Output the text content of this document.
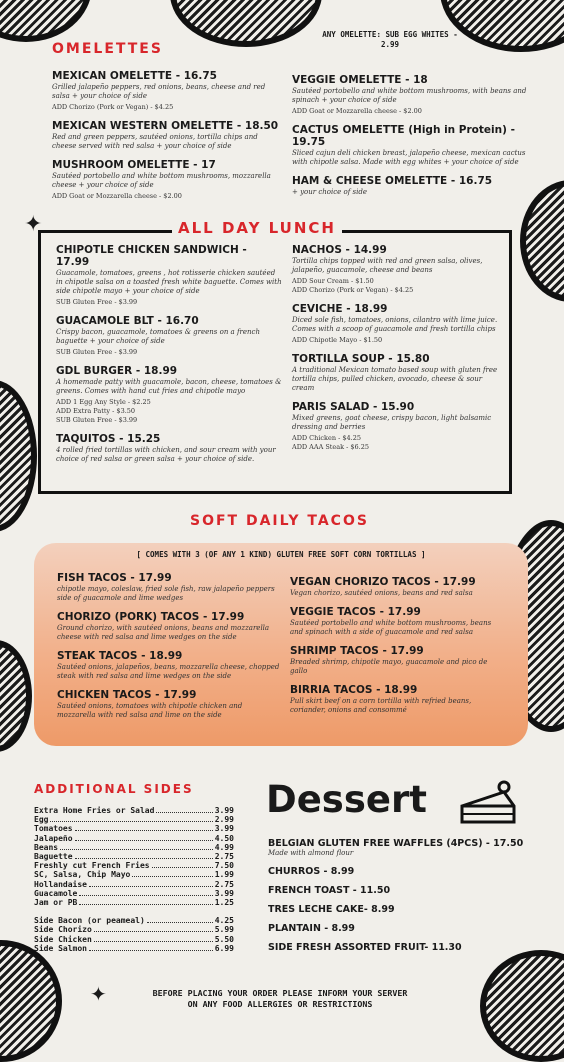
OMELETTES
ANY OMELETTE: SUB EGG WHITES - 2.99

MEXICAN OMELETTE - 16.75

Grilled jalapeño peppers, red onions, beans, cheese and red salsa + your choice of side

ADD Chorizo (Pork or Vegan) - $4.25

MEXICAN WESTERN OMELETTE - 18.50

Red and green peppers, sautéed onions, tortilla chips and cheese served with red salsa + your choice of side

MUSHROOM OMELETTE - 17

Sautéed portobello and white bottom mushrooms, mozzarella cheese + your choice of side

ADD Goat or Mozzarella cheese - $2.00

VEGGIE OMELETTE - 18

Sautéed portobello and white bottom mushrooms, with beans and spinach + your choice of side

ADD Goat or Mozzarella cheese - $2.00

CACTUS OMELETTE (High in Protein) - 19.75

Sliced cajun deli chicken breast, jalapeño cheese, mexican cactus with chipotle salsa. Made with egg whites + your choice of side

HAM & CHEESE OMELETTE - 16.75

+ your choice of side

✦	ALL DAY LUNCH

CHIPOTLE CHICKEN SANDWICH - 17.99

Guacamole, tomatoes, greens , hot rotisserie chicken sautéed in chipotle salsa on a toasted fresh white baguette. Comes with side chipotle mayo + your choice of side

SUB Gluten Free - $3.99

GUACAMOLE BLT - 16.70

Crispy bacon, guacamole, tomatoes & greens on a french baguette + your choice of side

SUB Gluten Free - $3.99

GDL BURGER - 18.99

A homemade patty with guacamole, bacon, cheese, tomatoes & greens. Comes with hand cut fries and chipotle mayo

ADD 1 Egg Any Style - $2.25

ADD Extra Patty - $3.50

SUB Gluten Free - $3.99

TAQUITOS - 15.25

4 rolled fried tortillas with chicken, and sour cream with your choice of red salsa or green salsa + your choice of side.

NACHOS - 14.99

Tortilla chips topped with red and green salsa, olives, jalapeño, guacamole, cheese and beans

ADD Sour Cream - $1.50

ADD Chorizo (Pork or Vegan) - $4.25

CEVICHE - 18.99

Diced sole fish, tomatoes, onions, cilantro with lime juice. Comes with a scoop of guacamole and fresh tortilla chips

ADD Chipotle Mayo - $1.50

TORTILLA SOUP - 15.80

A traditional Mexican tomato based soup with gluten free tortilla chips, pulled chicken, avocado, cheese & sour cream

PARIS SALAD - 15.90

Mixed greens, goat cheese, crispy bacon, light balsamic dressing and berries

ADD Chicken - $4.25

ADD AAA Steak - $6.25

SOFT DAILY TACOS
[ COMES WITH 3 (OF ANY 1 KIND) GLUTEN FREE SOFT CORN TORTILLAS ]

FISH TACOS - 17.99

chipotle mayo, coleslaw, fried sole fish, raw jalapeño peppers side of guacamole and lime wedges

CHORIZO (PORK) TACOS - 17.99

Ground chorizo, with sautéed onions, beans and mozzarella cheese with red salsa and lime wedges on the side

STEAK TACOS - 18.99

Sautéed onions, jalapeños, beans, mozzarella cheese, chopped steak with red salsa and lime wedges on the side

CHICKEN TACOS - 17.99

Sautéed onions, tomatoes with chipotle chicken and mozzarella with red salsa and lime on the side

VEGAN CHORIZO TACOS - 17.99

Vegan chorizo, sautéed onions, beans and red salsa

VEGGIE TACOS - 17.99

Sautéed portobello and white bottom mushrooms, beans and spinach with a side of guacamole and red salsa

SHRIMP TACOS - 17.99

Breaded shrimp, chipotle mayo, guacamole and pico de gallo

BIRRIA TACOS - 18.99

Pull skirt beef on a corn tortilla with refried beans, coriander, onions and consommé

ADDITIONAL SIDES
Extra Home Fries or Salad	3.99
Egg	2.99
Tomatoes	3.99
Jalapeño	4.50
Beans	4.99
Baguette	2.75
Freshly cut French Fries	7.50
SC, Salsa, Chip Mayo	1.99
Hollandaise	2.75
Guacamole	3.99
Jam or PB	1.25
Side Bacon (or peameal)	4.25
Side Chorizo	5.99
Side Chicken	5.50
Side Salmon	6.99
Dessert

BELGIAN GLUTEN FREE WAFFLES (4PCS) - 17.50

Made with almond flour

CHURROS - 8.99

FRENCH TOAST - 11.50

TRES LECHE CAKE- 8.99

PLANTAIN - 8.99

SIDE FRESH ASSORTED FRUIT- 11.30

✦	BEFORE PLACING YOUR ORDER PLEASE INFORM YOUR SERVER
ON ANY FOOD ALLERGIES OR RESTRICTIONS
